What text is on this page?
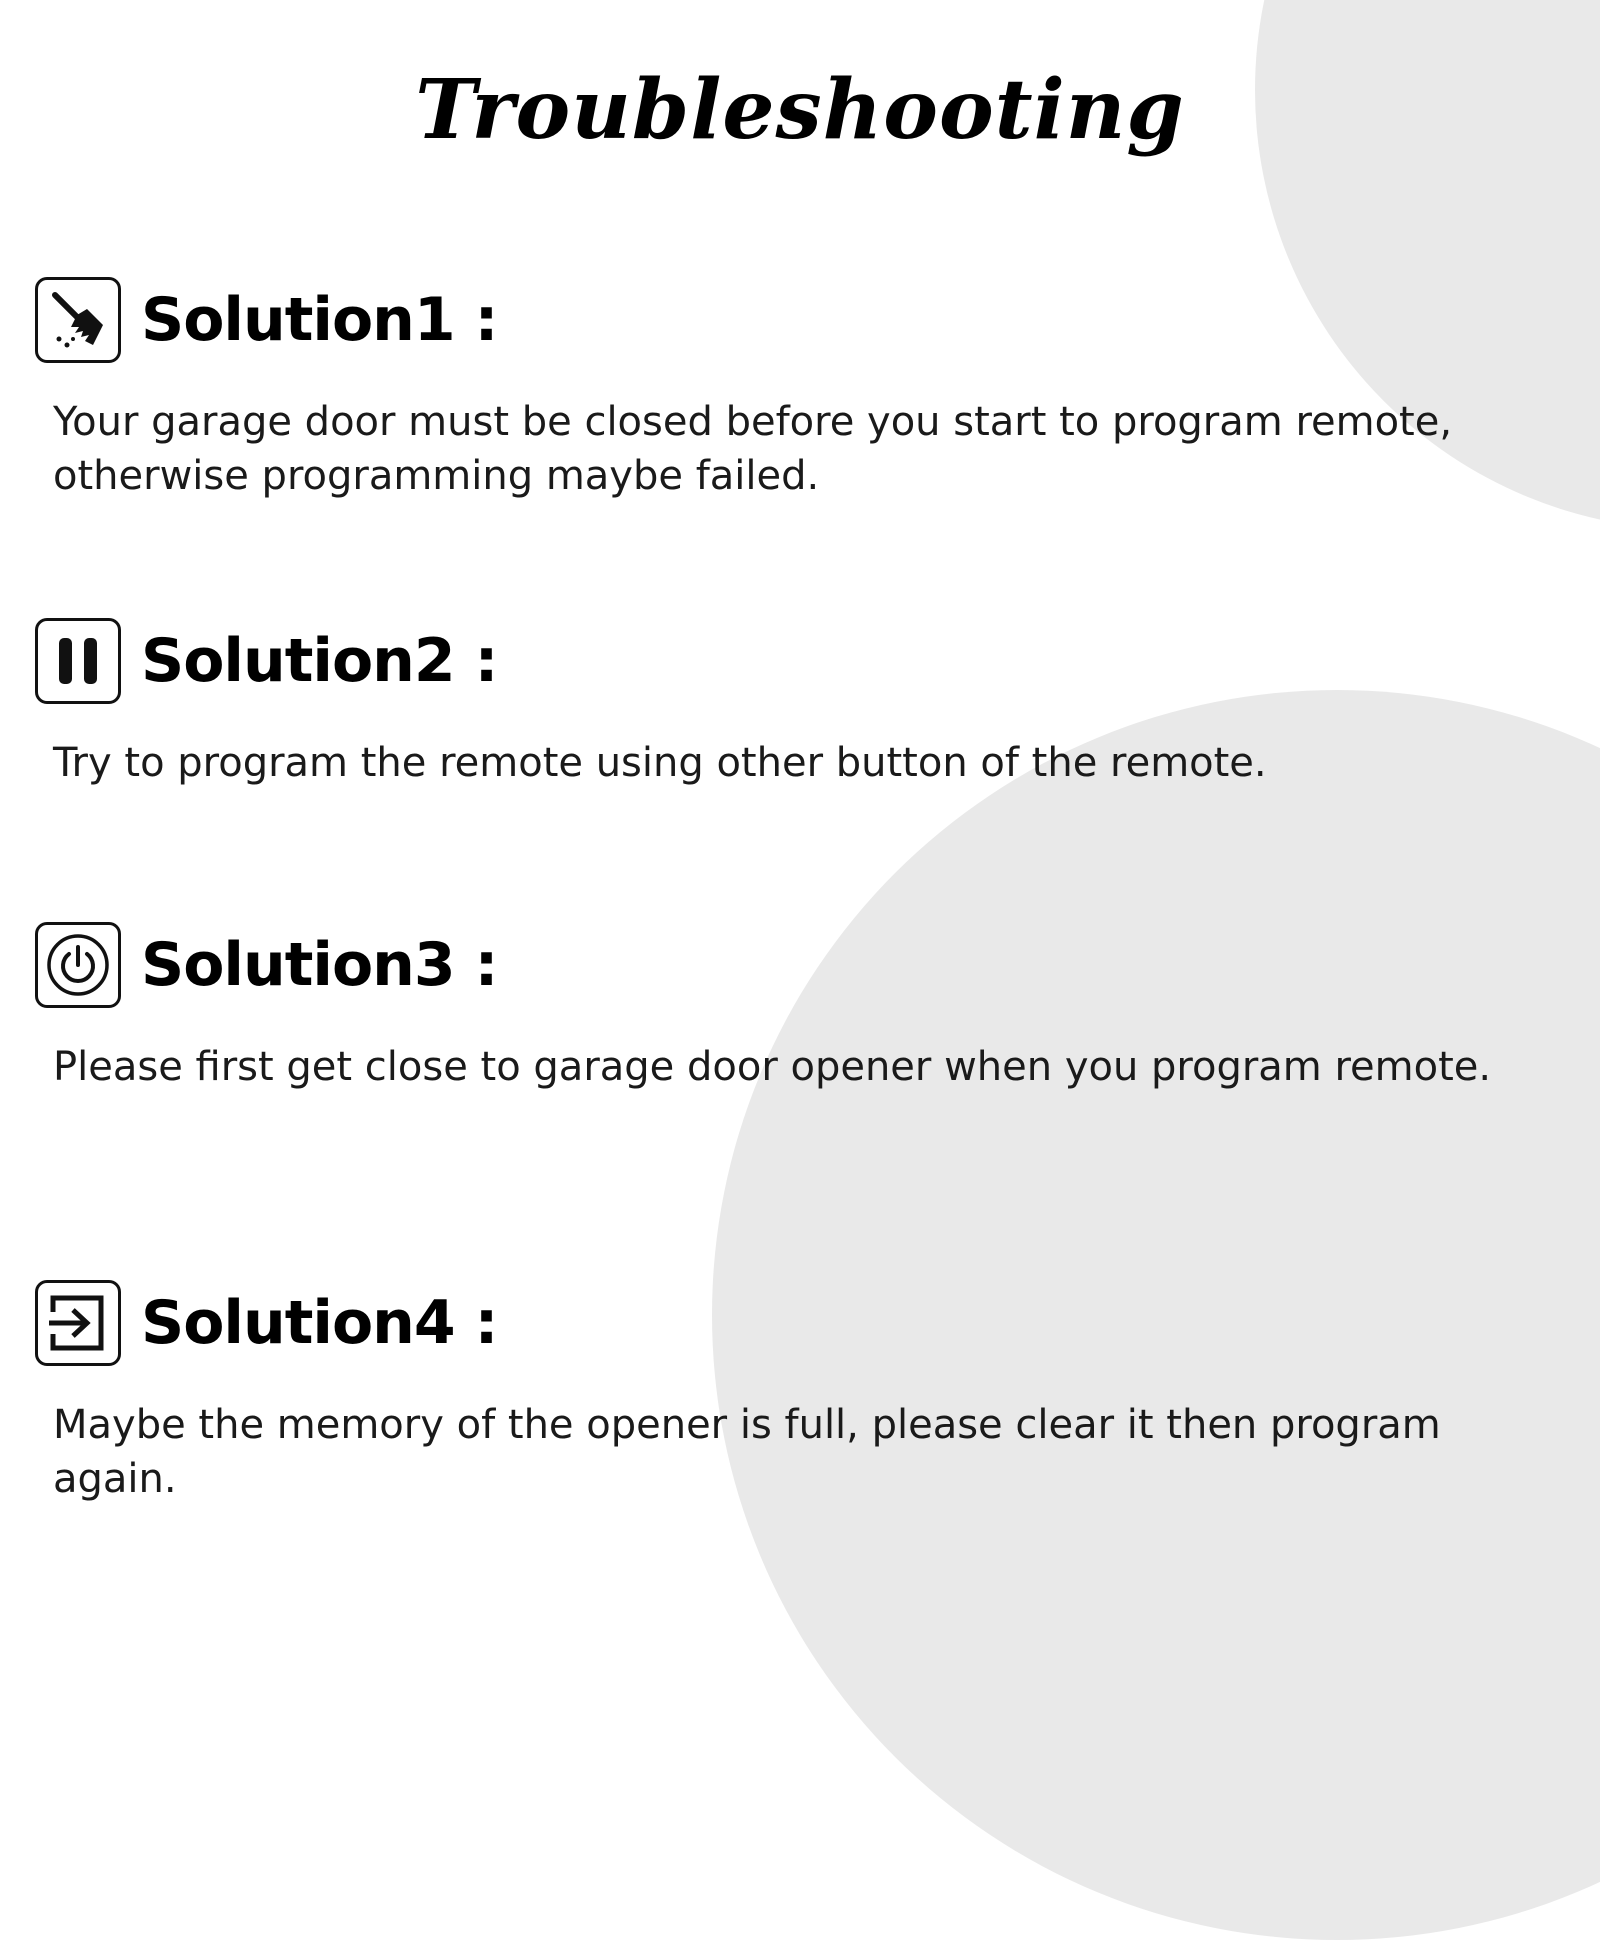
Troubleshooting
Solution1 :
Your garage door must be closed before you start to program remote, otherwise programming maybe failed.
Solution2 :
Try to program the remote using other button of the remote.
Solution3 :
Please first get close to garage door opener when you program remote.
Solution4 :
Maybe the memory of the opener is full, please clear it then program again.
